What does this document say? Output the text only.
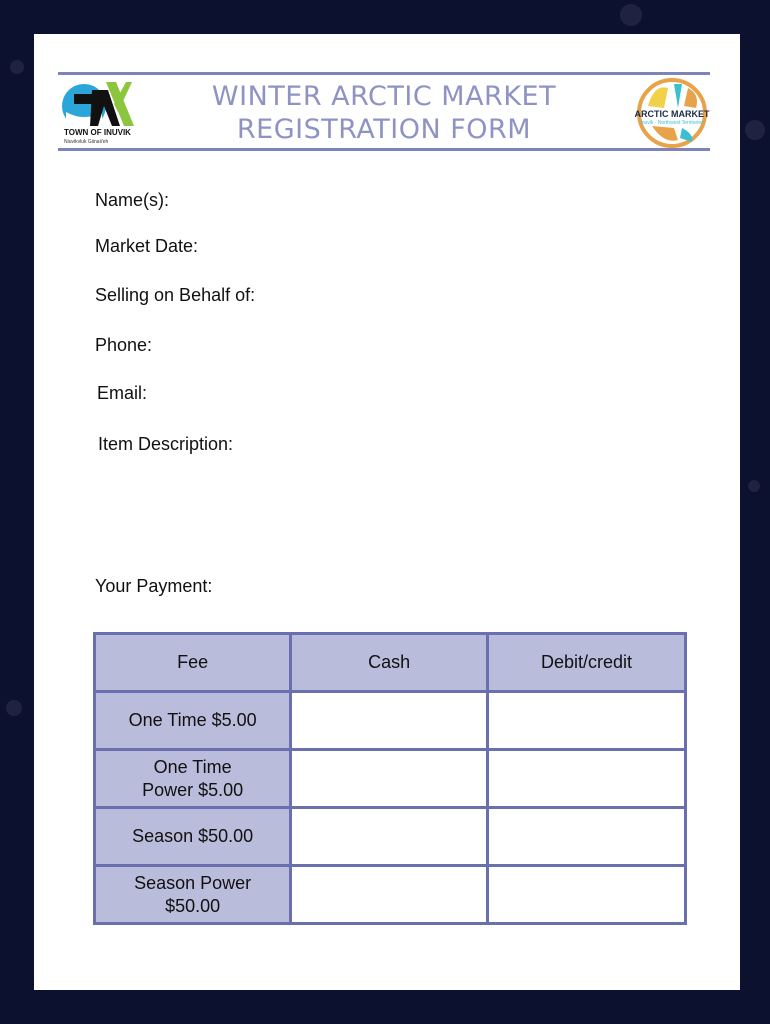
TOWN OF INUVIK
Niuvikvluk Giinaii'eh
WINTER ARCTIC MARKET
REGISTRATION FORM	ARCTIC MARKET
Inuvik · Northwest Territories
Name(s):
Market Date:
Selling on Behalf of:
Phone:
Email:
Item Description:
Your Payment:
Fee	Cash	Debit/credit

One Time $5.00		

One Time
Power $5.00		

Season $50.00		

Season Power
$50.00		
